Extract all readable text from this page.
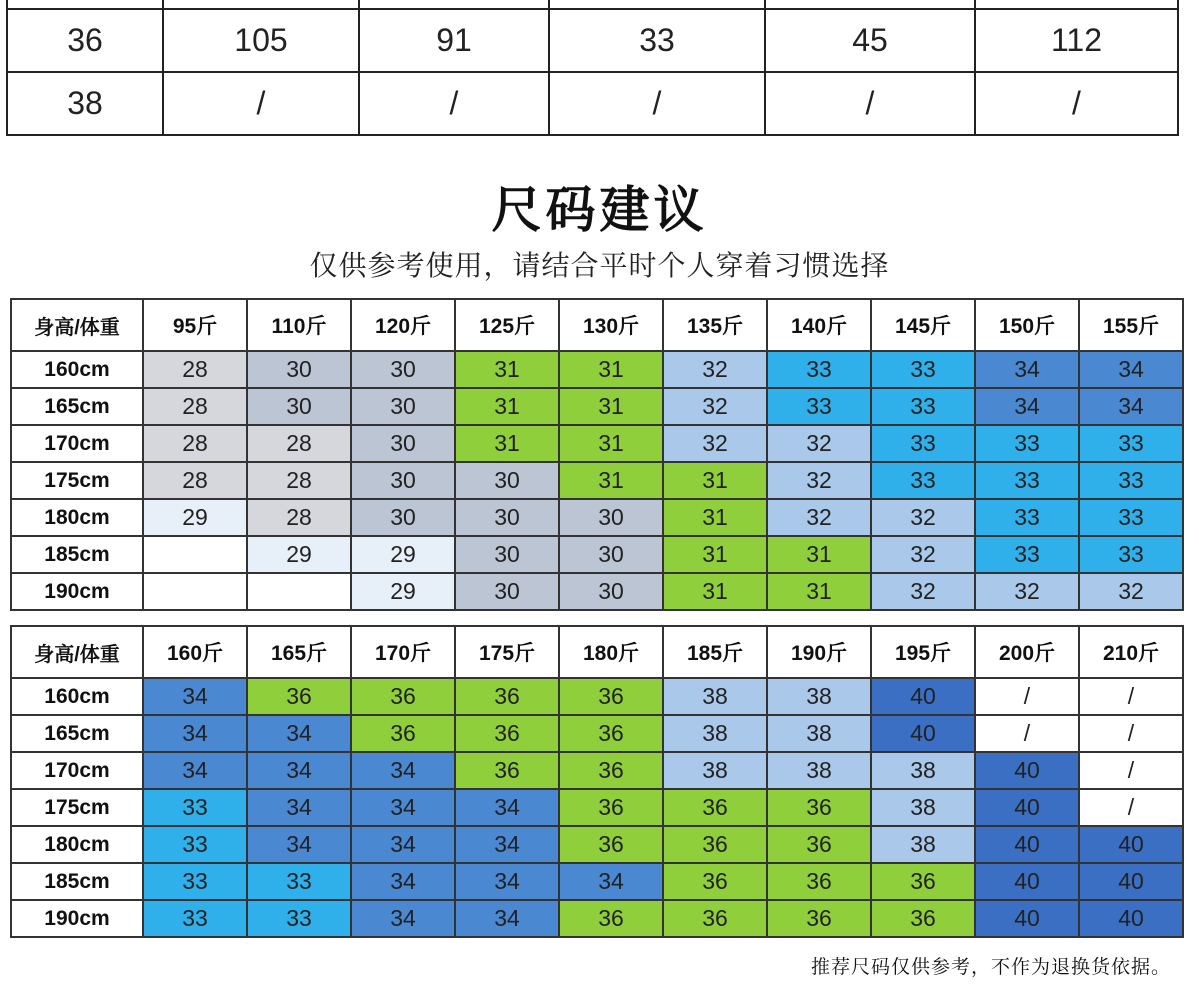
36	105	91	33	45	112
38	/	/	/	/	/
尺码建议
仅供参考使用，请结合平时个人穿着习惯选择
身高/体重	95斤	110斤	120斤	125斤	130斤	135斤	140斤	145斤	150斤	155斤
160cm	28	30	30	31	31	32	33	33	34	34
165cm	28	30	30	31	31	32	33	33	34	34
170cm	28	28	30	31	31	32	32	33	33	33
175cm	28	28	30	30	31	31	32	33	33	33
180cm	29	28	30	30	30	31	32	32	33	33
185cm		29	29	30	30	31	31	32	33	33
190cm			29	30	30	31	31	32	32	32
身高/体重	160斤	165斤	170斤	175斤	180斤	185斤	190斤	195斤	200斤	210斤
160cm	34	36	36	36	36	38	38	40	/	/
165cm	34	34	36	36	36	38	38	40	/	/
170cm	34	34	34	36	36	38	38	38	40	/
175cm	33	34	34	34	36	36	36	38	40	/
180cm	33	34	34	34	36	36	36	38	40	40
185cm	33	33	34	34	34	36	36	36	40	40
190cm	33	33	34	34	36	36	36	36	40	40
推荐尺码仅供参考，不作为退换货依据。
